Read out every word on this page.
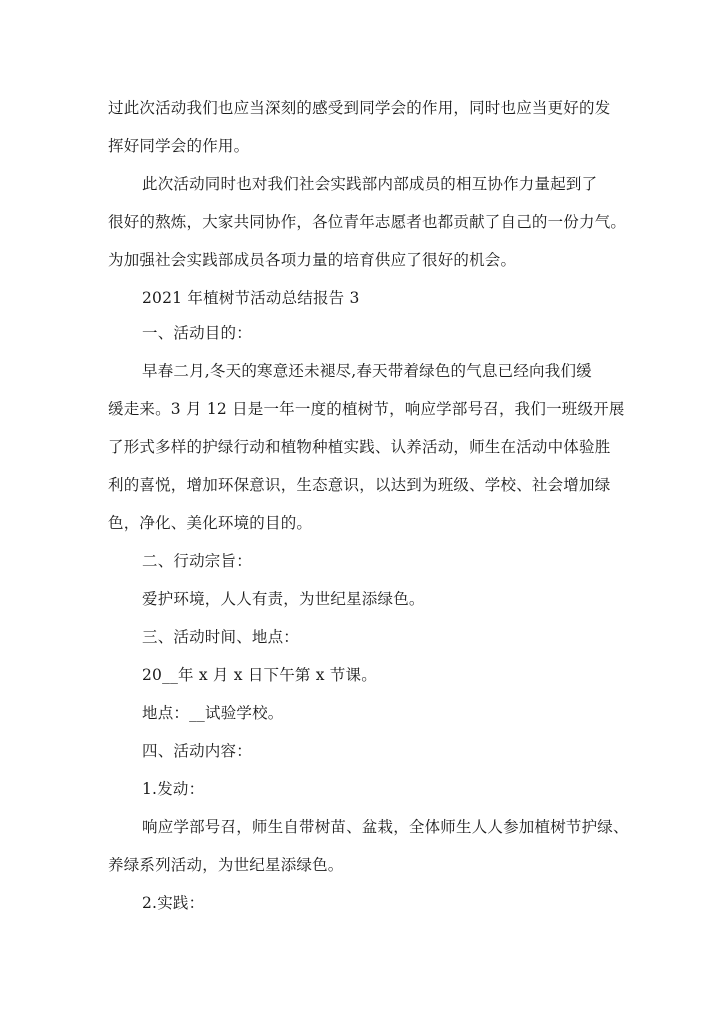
过此次活动我们也应当深刻的感受到同学会的作用，同时也应当更好的发
挥好同学会的作用。
此次活动同时也对我们社会实践部内部成员的相互协作力量起到了
很好的熬炼，大家共同协作，各位青年志愿者也都贡献了自己的一份力气。
为加强社会实践部成员各项力量的培育供应了很好的机会。
2021 年植树节活动总结报告 3
一、活动目的：
早春二月,冬天的寒意还未褪尽,春天带着绿色的气息已经向我们缓
缓走来。3 月 12 日是一年一度的植树节，响应学部号召，我们一班级开展
了形式多样的护绿行动和植物种植实践、认养活动，师生在活动中体验胜
利的喜悦，增加环保意识，生态意识，以达到为班级、学校、社会增加绿
色，净化、美化环境的目的。
二、行动宗旨：
爱护环境，人人有责，为世纪星添绿色。
三、活动时间、地点：
20__年 x 月 x 日下午第 x 节课。
地点：__试验学校。
四、活动内容：
1.发动：
响应学部号召，师生自带树苗、盆栽，全体师生人人参加植树节护绿、
养绿系列活动，为世纪星添绿色。
2.实践：
